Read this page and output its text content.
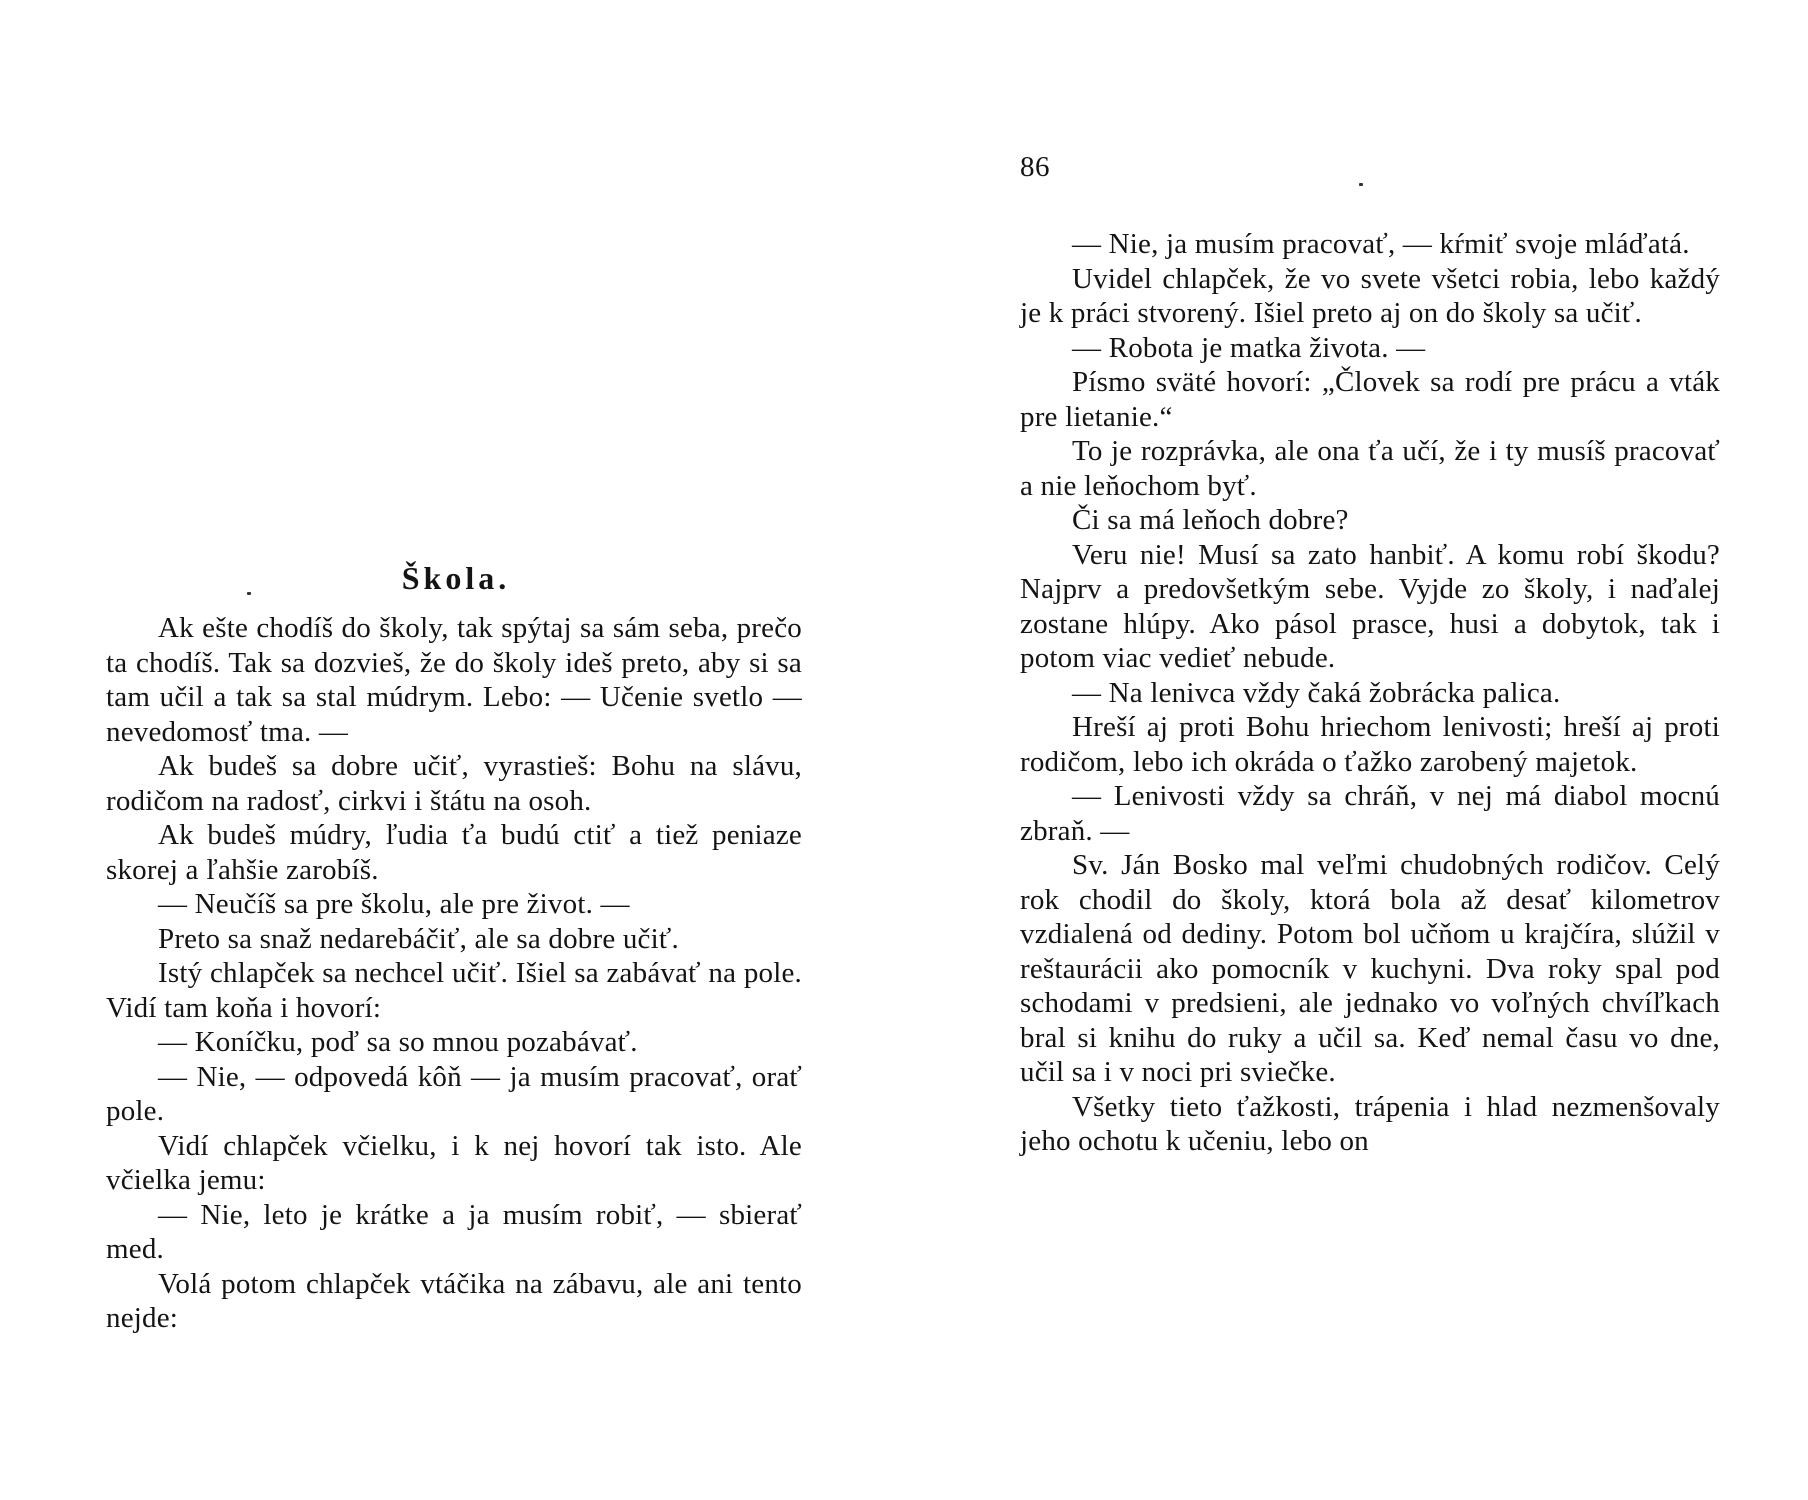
Škola.

Ak ešte chodíš do školy, tak spýtaj sa sám seba, prečo ta chodíš. Tak sa dozvieš, že do školy ideš preto, aby si sa tam učil a tak sa stal múdrym. Lebo: — Učenie svetlo — nevedomosť tma. —

Ak budeš sa dobre učiť, vyrastieš: Bohu na slávu, rodičom na radosť, cirkvi i štátu na osoh.

Ak budeš múdry, ľudia ťa budú ctiť a tiež peniaze skorej a ľahšie zarobíš.

— Neučíš sa pre školu, ale pre život. —

Preto sa snaž nedarebáčiť, ale sa dobre učiť.

Istý chlapček sa nechcel učiť. Išiel sa zabávať na pole. Vidí tam koňa i hovorí:

— Koníčku, poď sa so mnou pozabávať.

— Nie, — odpovedá kôň — ja musím pracovať, orať pole.

Vidí chlapček včielku, i k nej hovorí tak isto. Ale včielka jemu:

— Nie, leto je krátke a ja musím robiť, — sbierať med.

Volá potom chlapček vtáčika na zábavu, ale ani tento nejde:

86

— Nie, ja musím pracovať, — kŕmiť svoje mláďatá.

Uvidel chlapček, že vo svete všetci robia, lebo každý je k práci stvorený. Išiel preto aj on do školy sa učiť.

— Robota je matka života. —

Písmo sväté hovorí: „Človek sa rodí pre prácu a vták pre lietanie.“

To je rozprávka, ale ona ťa učí, že i ty musíš pracovať a nie leňochom byť.

Či sa má leňoch dobre?

Veru nie! Musí sa zato hanbiť. A komu robí škodu? Najprv a predovšetkým sebe. Vyjde zo školy, i naďalej zostane hlúpy. Ako pásol prasce, husi a dobytok, tak i potom viac vedieť nebude.

— Na lenivca vždy čaká žobrácka palica.

Hreší aj proti Bohu hriechom lenivosti; hreší aj proti rodičom, lebo ich okráda o ťažko zarobený majetok.

— Lenivosti vždy sa chráň, v nej má diabol mocnú zbraň. —

Sv. Ján Bosko mal veľmi chudobných rodičov. Celý rok chodil do školy, ktorá bola až desať kilometrov vzdialená od dediny. Potom bol učňom u krajčíra, slúžil v reštaurácii ako pomocník v kuchyni. Dva roky spal pod schodami v predsieni, ale jednako vo voľných chvíľkach bral si knihu do ruky a učil sa. Keď nemal času vo dne, učil sa i v noci pri sviečke.

Všetky tieto ťažkosti, trápenia i hlad nezmenšovaly jeho ochotu k učeniu, lebo on
